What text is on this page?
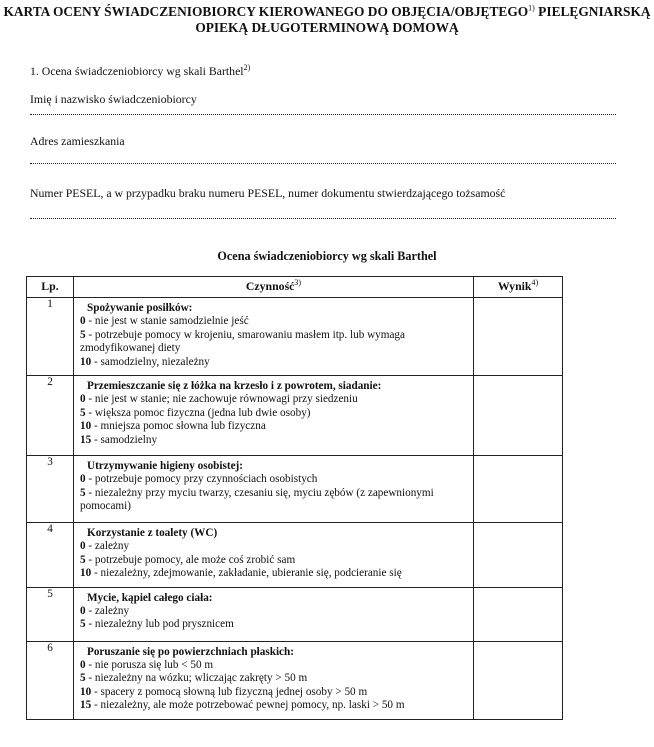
KARTA OCENY ŚWIADCZENIOBIORCY KIEROWANEGO DO OBJĘCIA/OBJĘTEGO$^{1)}$ PIELĘGNIARSKĄ
OPIEKĄ DŁUGOTERMINOWĄ DOMOWĄ
1. Ocena świadczeniobiorcy wg skali Barthel$^{2)}$
Imię i nazwisko świadczeniobiorcy
Adres zamieszkania
Numer PESEL, a w przypadku braku numeru PESEL, numer dokumentu stwierdzającego tożsamość
Ocena świadczeniobiorcy wg skali Barthel
Lp.	Czynność$^{3)}$	Wynik$^{4)}$
1	Spożywanie posiłków:
0 - nie jest w stanie samodzielnie jeść
5 - potrzebuje pomocy w krojeniu, smarowaniu masłem itp. lub wymaga zmodyfikowanej diety
10 - samodzielny, niezależny	

2	Przemieszczanie się z łóżka na krzesło i z powrotem, siadanie:
0 - nie jest w stanie; nie zachowuje równowagi przy siedzeniu
5 - większa pomoc fizyczna (jedna lub dwie osoby)
10 - mniejsza pomoc słowna lub fizyczna
15 - samodzielny	

3	Utrzymywanie higieny osobistej:
0 - potrzebuje pomocy przy czynnościach osobistych
5 - niezależny przy myciu twarzy, czesaniu się, myciu zębów (z zapewnionymi pomocami)	

4	Korzystanie z toalety (WC)
0 - zależny
5 - potrzebuje pomocy, ale może coś zrobić sam
10 - niezależny, zdejmowanie, zakładanie, ubieranie się, podcieranie się	

5	Mycie, kąpiel całego ciała:
0 - zależny
5 - niezależny lub pod prysznicem	

6	Poruszanie się po powierzchniach płaskich:
0 - nie porusza się lub < 50 m
5 - niezależny na wózku; wliczając zakręty > 50 m
10 - spacery z pomocą słowną lub fizyczną jednej osoby > 50 m
15 - niezależny, ale może potrzebować pewnej pomocy, np. laski > 50 m	
